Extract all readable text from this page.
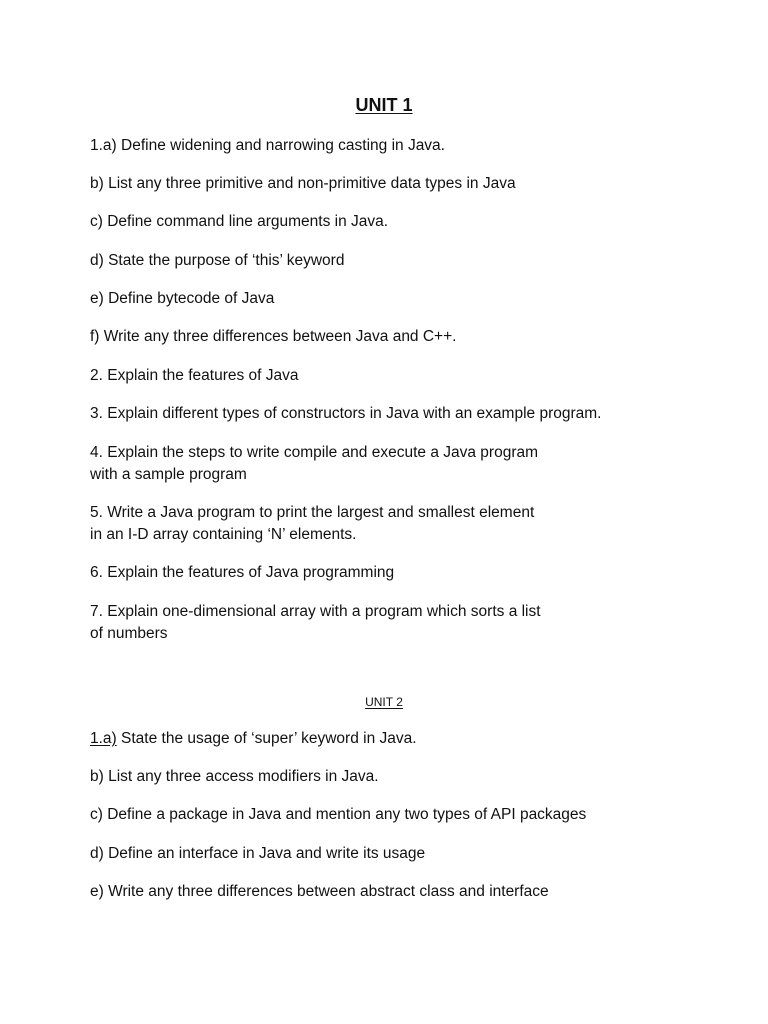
UNIT 1
1.a) Define widening and narrowing casting in Java.
b) List any three primitive and non-primitive data types in Java
c) Define command line arguments in Java.
d) State the purpose of ‘this’ keyword
e) Define bytecode of Java
f) Write any three differences between Java and C++.
2. Explain the features of Java
3. Explain different types of constructors in Java with an example program.
4. Explain the steps to write compile and execute a Java program
with a sample program
5. Write a Java program to print the largest and smallest element
in an I-D array containing ‘N’ elements.
6. Explain the features of Java programming
7. Explain one-dimensional array with a program which sorts a list
of numbers
UNIT 2
1.a) State the usage of ‘super’ keyword in Java.
b) List any three access modifiers in Java.
c) Define a package in Java and mention any two types of API packages
d) Define an interface in Java and write its usage
e) Write any three differences between abstract class and interface
